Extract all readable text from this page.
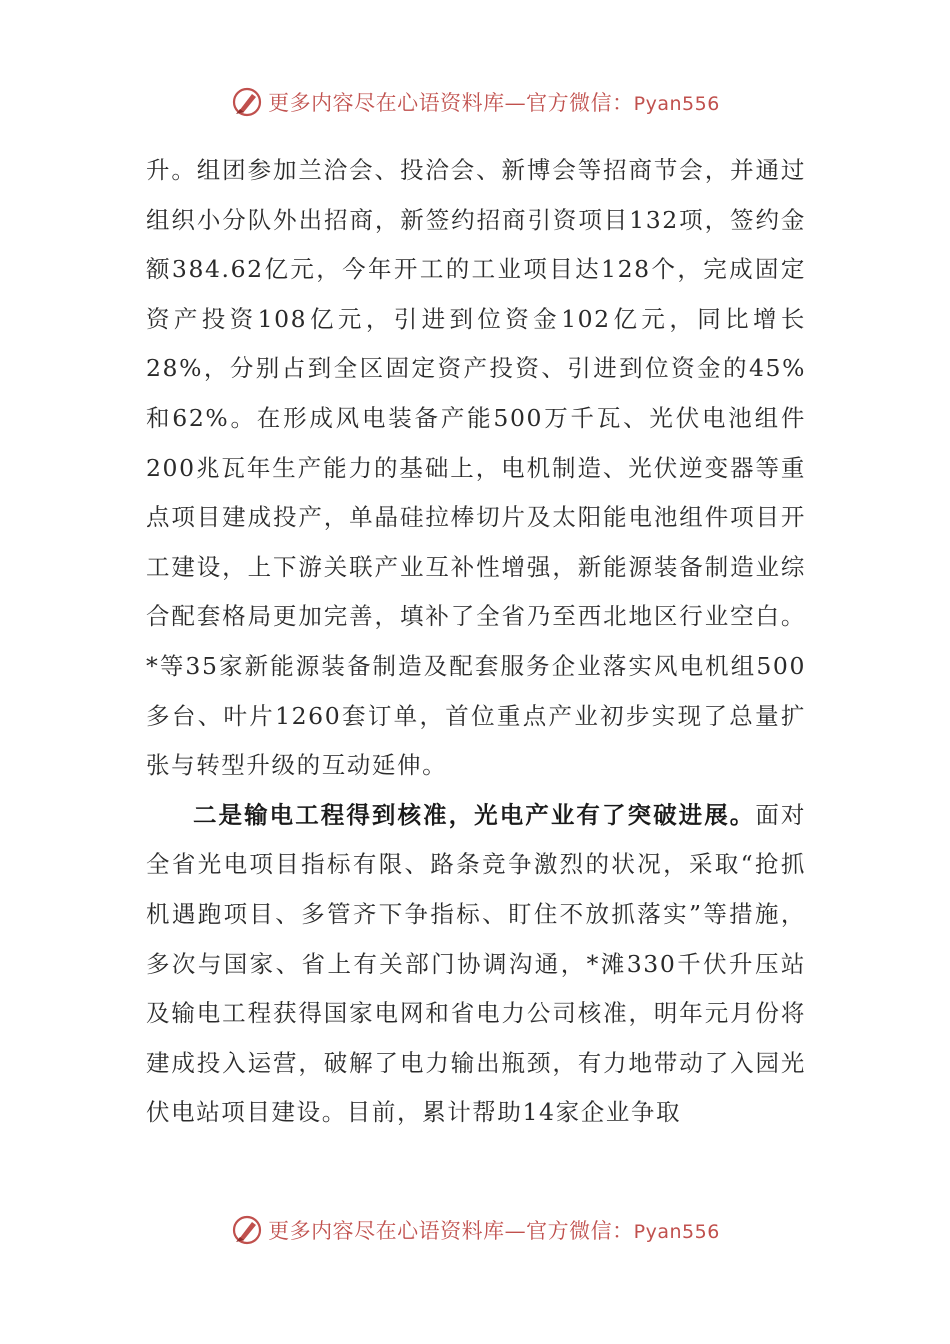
更多内容尽在心语资料库—官方微信：Pyan556

升。组团参加兰洽会、投洽会、新博会等招商节会，并通过组织小分队外出招商，新签约招商引资项目132项，签约金额384.62亿元，今年开工的工业项目达128个，完成固定资产投资108亿元，引进到位资金102亿元，同比增长28%，分别占到全区固定资产投资、引进到位资金的45%和62%。在形成风电装备产能500万千瓦、光伏电池组件200兆瓦年生产能力的基础上，电机制造、光伏逆变器等重点项目建成投产，单晶硅拉棒切片及太阳能电池组件项目开工建设，上下游关联产业互补性增强，新能源装备制造业综合配套格局更加完善，填补了全省乃至西北地区行业空白。*等35家新能源装备制造及配套服务企业落实风电机组500多台、叶片1260套订单，首位重点产业初步实现了总量扩张与转型升级的互动延伸。

二是输电工程得到核准，光电产业有了突破进展。面对全省光电项目指标有限、路条竞争激烈的状况，采取“抢抓机遇跑项目、多管齐下争指标、盯住不放抓落实”等措施，多次与国家、省上有关部门协调沟通，*滩330千伏升压站及输电工程获得国家电网和省电力公司核准，明年元月份将建成投入运营，破解了电力输出瓶颈，有力地带动了入园光伏电站项目建设。目前，累计帮助14家企业争取

更多内容尽在心语资料库—官方微信：Pyan556
